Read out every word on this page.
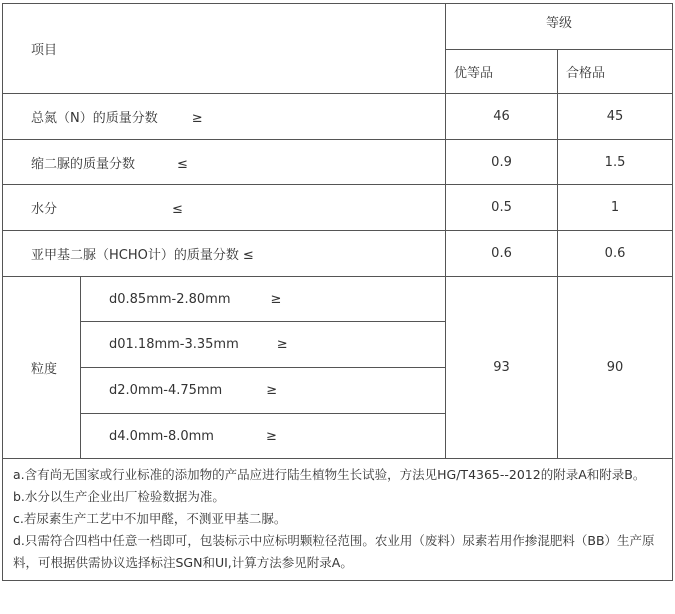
项目		等级	
		优等品	合格品
总氮（N）的质量分数 ≥		46	45
缩二脲的质量分数 ≤		0.9	1.5
水分 ≤		0.5	1
亚甲基二脲（HCHO计）的质量分数 ≤		0.6	0.6
粒度	d0.85mm-2.80mm ≥	93	90
	d01.18mm-3.35mm ≥		
	d2.0mm-4.75mm ≥		
	d4.0mm-8.0mm ≥		

a.含有尚无国家或行业标准的添加物的产品应进行陆生植物生长试验，方法见HG/T4365--2012的附录A和附录B。

b.水分以生产企业出厂检验数据为准。

c.若尿素生产工艺中不加甲醛，不测亚甲基二脲。

d.只需符合四档中任意一档即可，包装标示中应标明颗粒径范围。农业用（废料）尿素若用作掺混肥料（BB）生产原料，可根据供需协议选择标注SGN和UI,计算方法参见附录A。			
